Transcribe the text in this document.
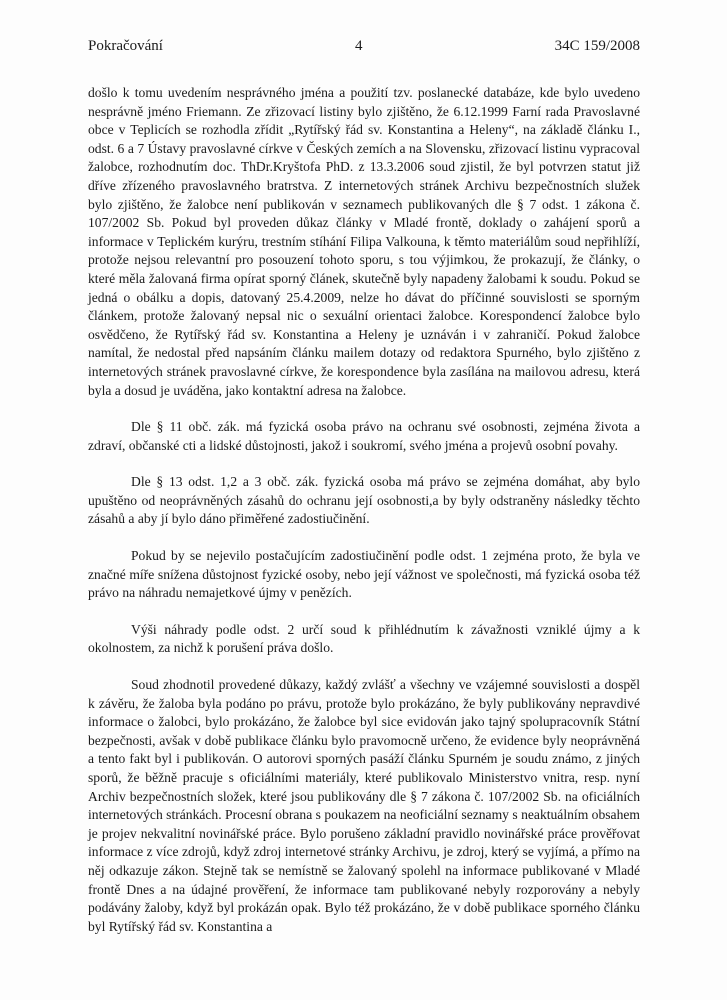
Pokračování	4	34C 159/2008

došlo k tomu uvedením nesprávného jména a použití tzv. poslanecké databáze, kde bylo uvedeno nesprávně jméno Friemann. Ze zřizovací listiny bylo zjištěno, že 6.12.1999 Farní rada Pravoslavné obce v Teplicích se rozhodla zřídit „Rytířský řád sv. Konstantina a Heleny“, na základě článku I., odst. 6 a 7 Ústavy pravoslavné církve v Českých zemích a na Slovensku, zřizovací listinu vypracoval žalobce, rozhodnutím doc. ThDr.Kryštofa PhD. z 13.3.2006 soud zjistil, že byl potvrzen statut již dříve zřízeného pravoslavného bratrstva. Z internetových stránek Archivu bezpečnostních služek bylo zjištěno, že žalobce není publikován v seznamech publikovaných dle § 7 odst. 1 zákona č. 107/2002 Sb. Pokud byl proveden důkaz články v Mladé frontě, doklady o zahájení sporů a informace v Teplickém kurýru, trestním stíhání Filipa Valkouna, k těmto materiálům soud nepřihlíží, protože nejsou relevantní pro posouzení tohoto sporu, s tou výjimkou, že prokazují, že články, o které měla žalovaná firma opírat sporný článek, skutečně byly napadeny žalobami k soudu. Pokud se jedná o obálku a dopis, datovaný 25.4.2009, nelze ho dávat do příčinné souvislosti se sporným článkem, protože žalovaný nepsal nic o sexuální orientaci žalobce. Korespondencí žalobce bylo osvědčeno, že Rytířský řád sv. Konstantina a Heleny je uznáván i v zahraničí. Pokud žalobce namítal, že nedostal před napsáním článku mailem dotazy od redaktora Spurného, bylo zjištěno z internetových stránek pravoslavné církve, že korespondence byla zasílána na mailovou adresu, která byla a dosud je uváděna, jako kontaktní adresa na žalobce.

Dle § 11 obč. zák. má fyzická osoba právo na ochranu své osobnosti, zejména života a zdraví, občanské cti a lidské důstojnosti, jakož i soukromí, svého jména a projevů osobní povahy.

Dle § 13 odst. 1,2 a 3 obč. zák. fyzická osoba má právo se zejména domáhat, aby bylo upuštěno od neoprávněných zásahů do ochranu její osobnosti,a by byly odstraněny následky těchto zásahů a aby jí bylo dáno přiměřené zadostiučinění.

Pokud by se nejevilo postačujícím zadostiučinění podle odst. 1 zejména proto, že byla ve značné míře snížena důstojnost fyzické osoby, nebo její vážnost ve společnosti, má fyzická osoba též právo na náhradu nemajetkové újmy v penězích.

Výši náhrady podle odst. 2 určí soud k přihlédnutím k závažnosti vzniklé újmy a k okolnostem, za nichž k porušení práva došlo.

Soud zhodnotil provedené důkazy, každý zvlášť a všechny ve vzájemné souvislosti a dospěl k závěru, že žaloba byla podáno po právu, protože bylo prokázáno, že byly publikovány nepravdivé informace o žalobci, bylo prokázáno, že žalobce byl sice evidován jako tajný spolupracovník Státní bezpečnosti, avšak v době publikace článku bylo pravomocně určeno, že evidence byly neoprávněná a tento fakt byl i publikován. O autorovi sporných pasáží článku Spurném je soudu známo, z jiných sporů, že běžně pracuje s oficiálními materiály, které publikovalo Ministerstvo vnitra, resp. nyní Archiv bezpečnostních složek, které jsou publikovány dle § 7 zákona č. 107/2002 Sb. na oficiálních internetových stránkách. Procesní obrana s poukazem na neoficiální seznamy s neaktuálním obsahem je projev nekvalitní novinářské práce. Bylo porušeno základní pravidlo novinářské práce prověřovat informace z více zdrojů, když zdroj internetové stránky Archivu, je zdroj, který se vyjímá, a přímo na něj odkazuje zákon. Stejně tak se nemístně se žalovaný spolehl na informace publikované v Mladé frontě Dnes a na údajné prověření, že informace tam publikované nebyly rozporovány a nebyly podávány žaloby, když byl prokázán opak. Bylo též prokázáno, že v době publikace sporného článku byl Rytířský řád sv. Konstantina a
